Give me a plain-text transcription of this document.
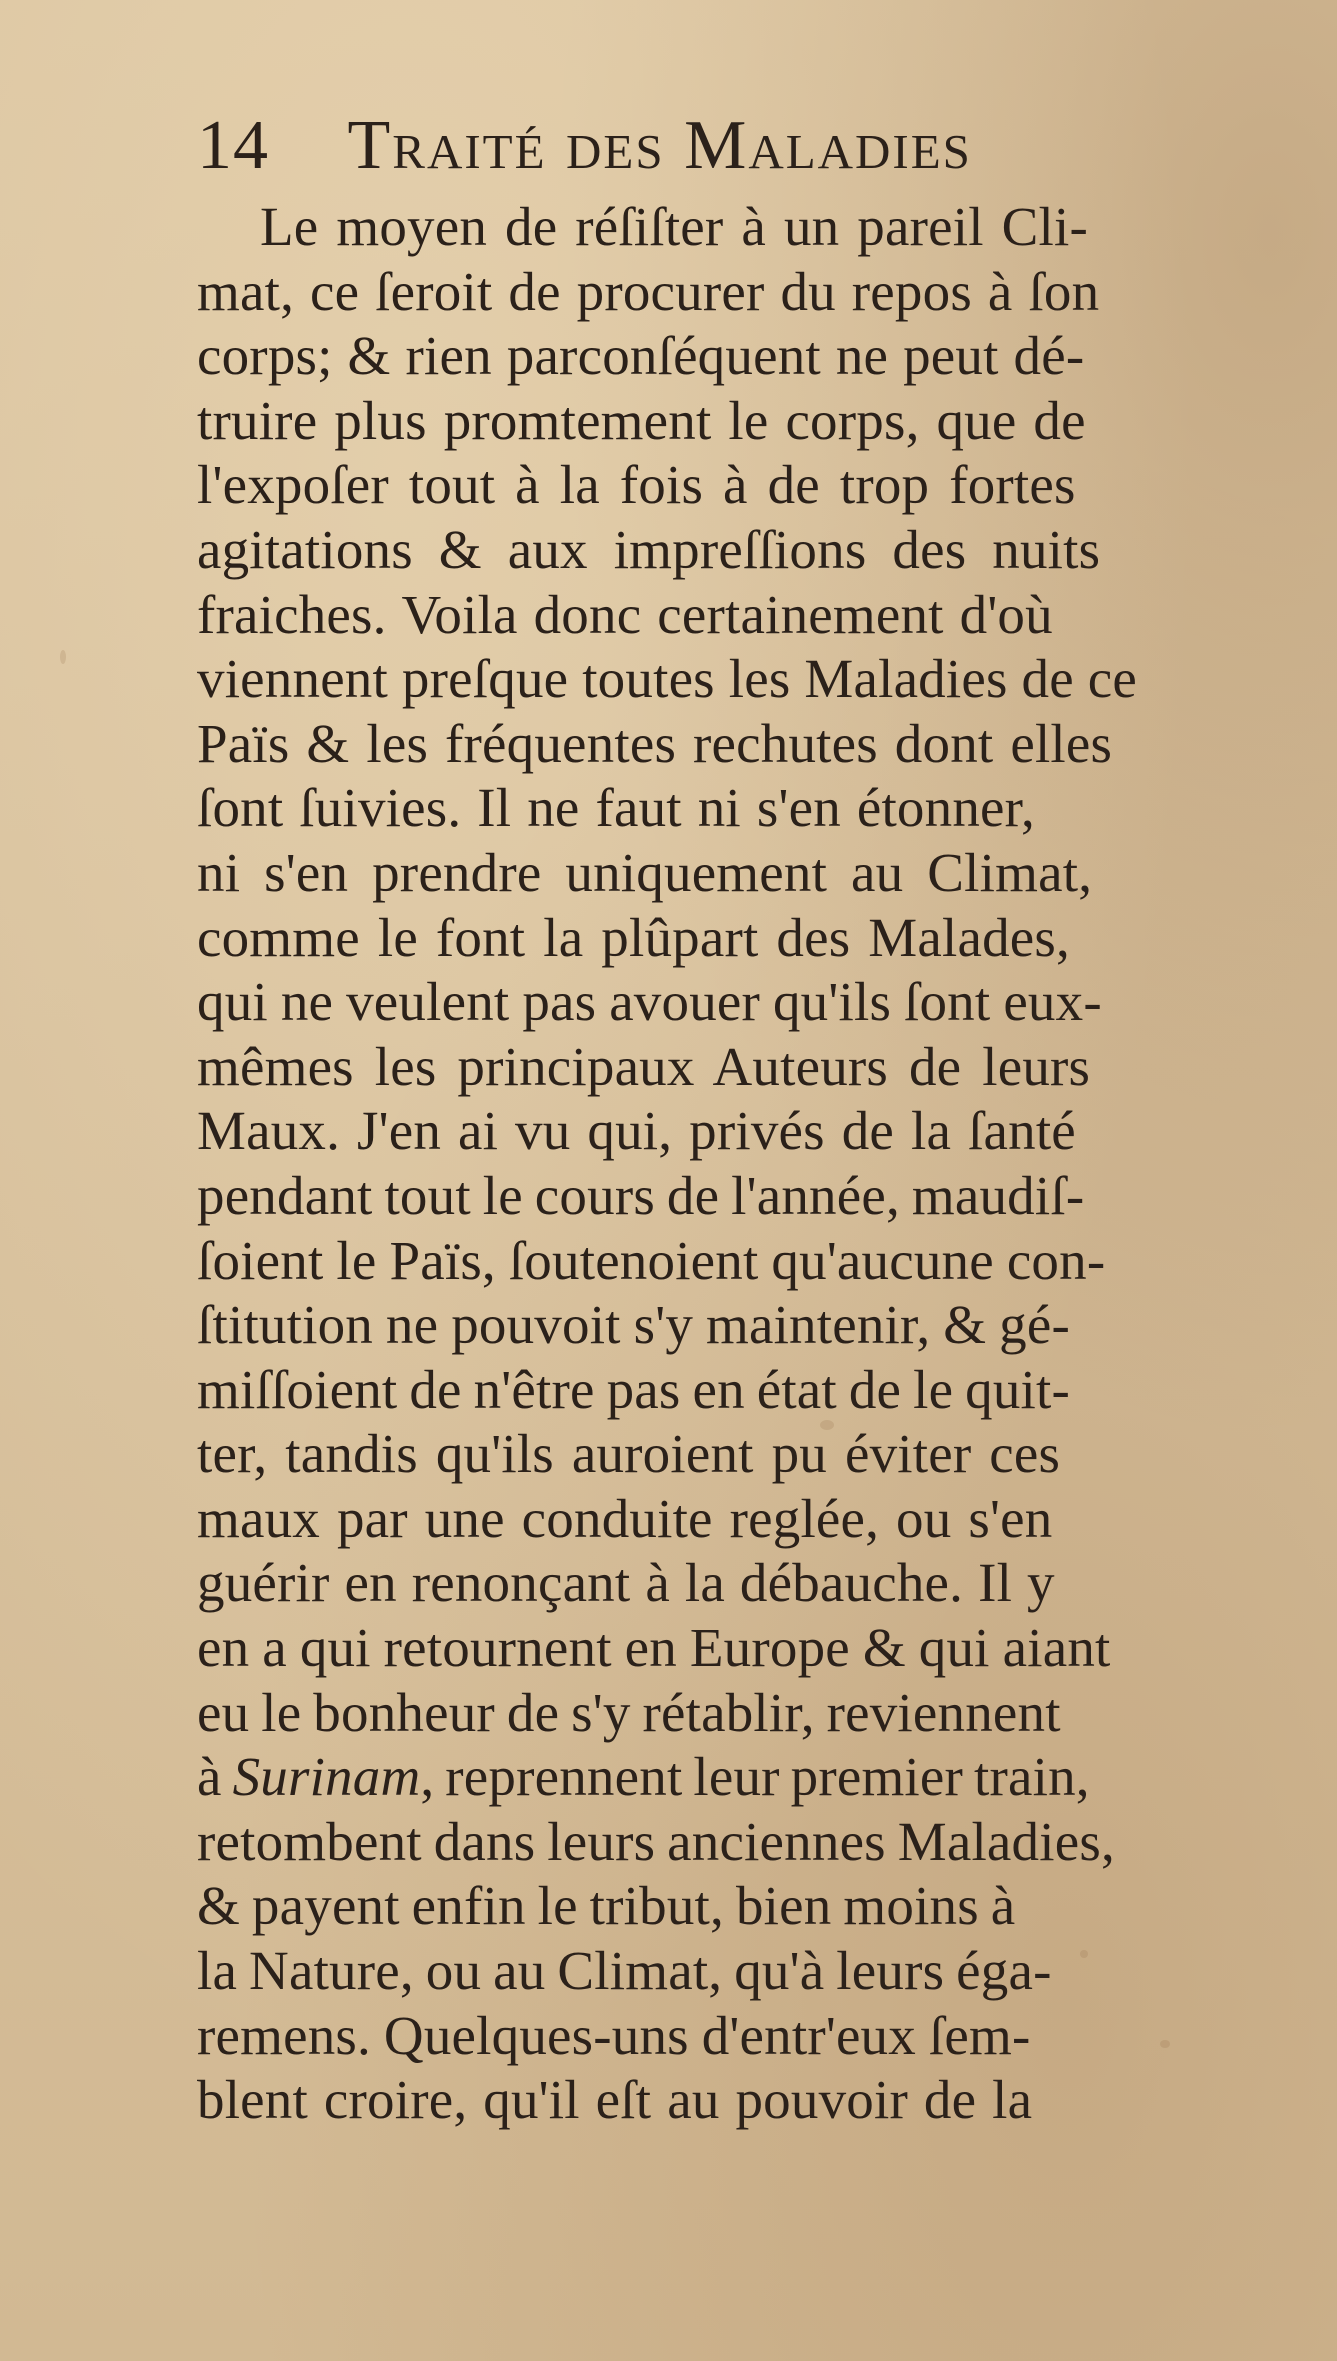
14 Traité des Maladies
Le moyen de réſiſter à un pareil Cli-
mat, ce ſeroit de procurer du repos à ſon
corps; & rien parconſéquent ne peut dé-
truire plus promtement le corps, que de
l'expoſer tout à la fois à de trop fortes
agitations & aux impreſſions des nuits
fraiches. Voila donc certainement d'où
viennent preſque toutes les Maladies de ce
Païs & les fréquentes rechutes dont elles
ſont ſuivies. Il ne faut ni s'en étonner,
ni s'en prendre uniquement au Climat,
comme le font la plûpart des Malades,
qui ne veulent pas avouer qu'ils ſont eux-
mêmes les principaux Auteurs de leurs
Maux. J'en ai vu qui, privés de la ſanté
pendant tout le cours de l'année, maudiſ-
ſoient le Païs, ſoutenoient qu'aucune con-
ſtitution ne pouvoit s'y maintenir, & gé-
miſſoient de n'être pas en état de le quit-
ter, tandis qu'ils auroient pu éviter ces
maux par une conduite reglée, ou s'en
guérir en renonçant à la débauche. Il y
en a qui retournent en Europe & qui aiant
eu le bonheur de s'y rétablir, reviennent
à Surinam, reprennent leur premier train,
retombent dans leurs anciennes Maladies,
& payent enfin le tribut, bien moins à
la Nature, ou au Climat, qu'à leurs éga-
remens. Quelques-uns d'entr'eux ſem-
blent croire, qu'il eſt au pouvoir de la
